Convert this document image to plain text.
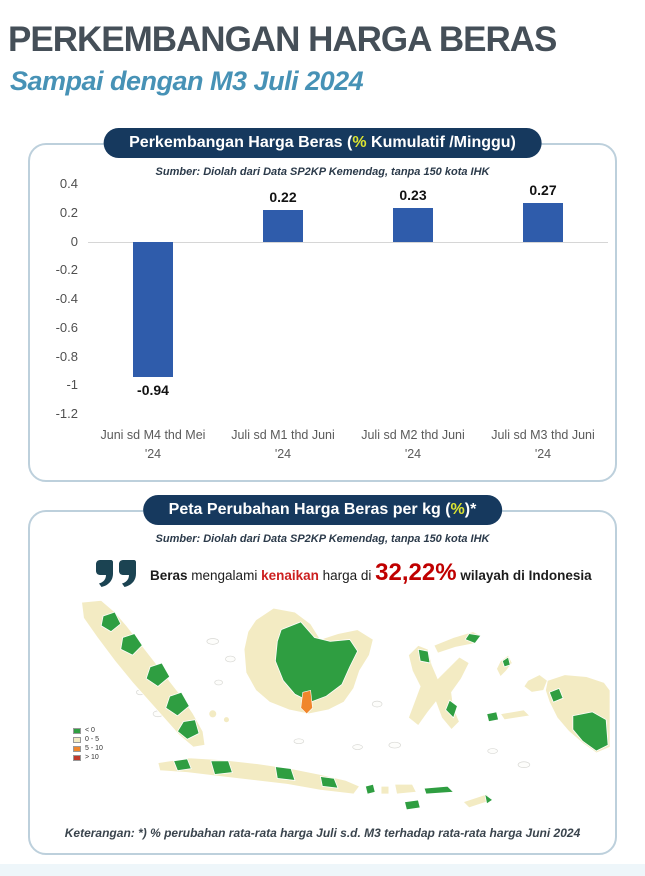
PERKEMBANGAN HARGA BERAS
Sampai dengan M3 Juli 2024
Perkembangan Harga Beras (% Kumulatif /Minggu)
Sumber: Diolah dari Data SP2KP Kemendag, tanpa 150 kota IHK
0.4
0.2
0
-0.2
-0.4
-0.6
-0.8
-1
-1.2
-0.94
0.22	0.23	0.27
Juni sd M4 thd Mei
'24
Juli sd M1 thd Juni
'24
Juli sd M2 thd Juni
'24
Juli sd M3 thd Juni
'24
Peta Perubahan Harga Beras per kg (%)*
Sumber: Diolah dari Data SP2KP Kemendag, tanpa 150 kota IHK
Beras mengalami kenaikan harga di 32,22% wilayah di Indonesia
< 0
0 - 5
5 - 10
> 10
Keterangan: *) % perubahan rata-rata harga Juli s.d. M3 terhadap rata-rata harga Juni 2024
